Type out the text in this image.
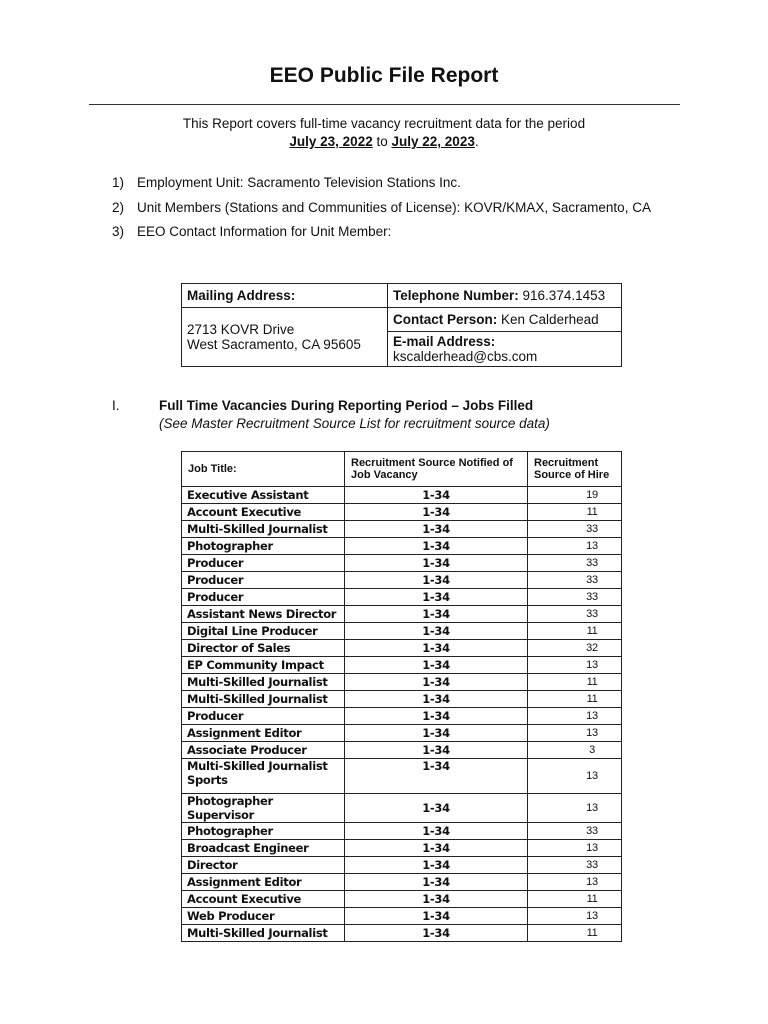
EEO Public File Report
This Report covers full-time vacancy recruitment data for the period
July 23, 2022 to July 22, 2023.
1) Employment Unit: Sacramento Television Stations Inc.
2) Unit Members (Stations and Communities of License): KOVR/KMAX, Sacramento, CA
3) EEO Contact Information for Unit Member:
Mailing Address:	Telephone Number: 916.374.1453

2713 KOVR Drive
West Sacramento, CA 95605	Contact Person: Ken Calderhead
	E-mail Address: kscalderhead@cbs.com
I.	Full Time Vacancies During Reporting Period – Jobs Filled
(See Master Recruitment Source List for recruitment source data)
Job Title:	Recruitment Source Notified of Job Vacancy	Recruitment Source of Hire
Executive Assistant	1-34	19
Account Executive	1-34	11
Multi-Skilled Journalist	1-34	33
Photographer	1-34	13
Producer	1-34	33
Producer	1-34	33
Producer	1-34	33
Assistant News Director	1-34	33
Digital Line Producer	1-34	11
Director of Sales	1-34	32
EP Community Impact	1-34	13
Multi-Skilled Journalist	1-34	11
Multi-Skilled Journalist	1-34	11
Producer	1-34	13
Assignment Editor	1-34	13
Associate Producer	1-34	3
Multi-Skilled Journalist Sports	1-34	13
Photographer Supervisor	1-34	13
Photographer	1-34	33
Broadcast Engineer	1-34	13
Director	1-34	33
Assignment Editor	1-34	13
Account Executive	1-34	11
Web Producer	1-34	13
Multi-Skilled Journalist	1-34	11
